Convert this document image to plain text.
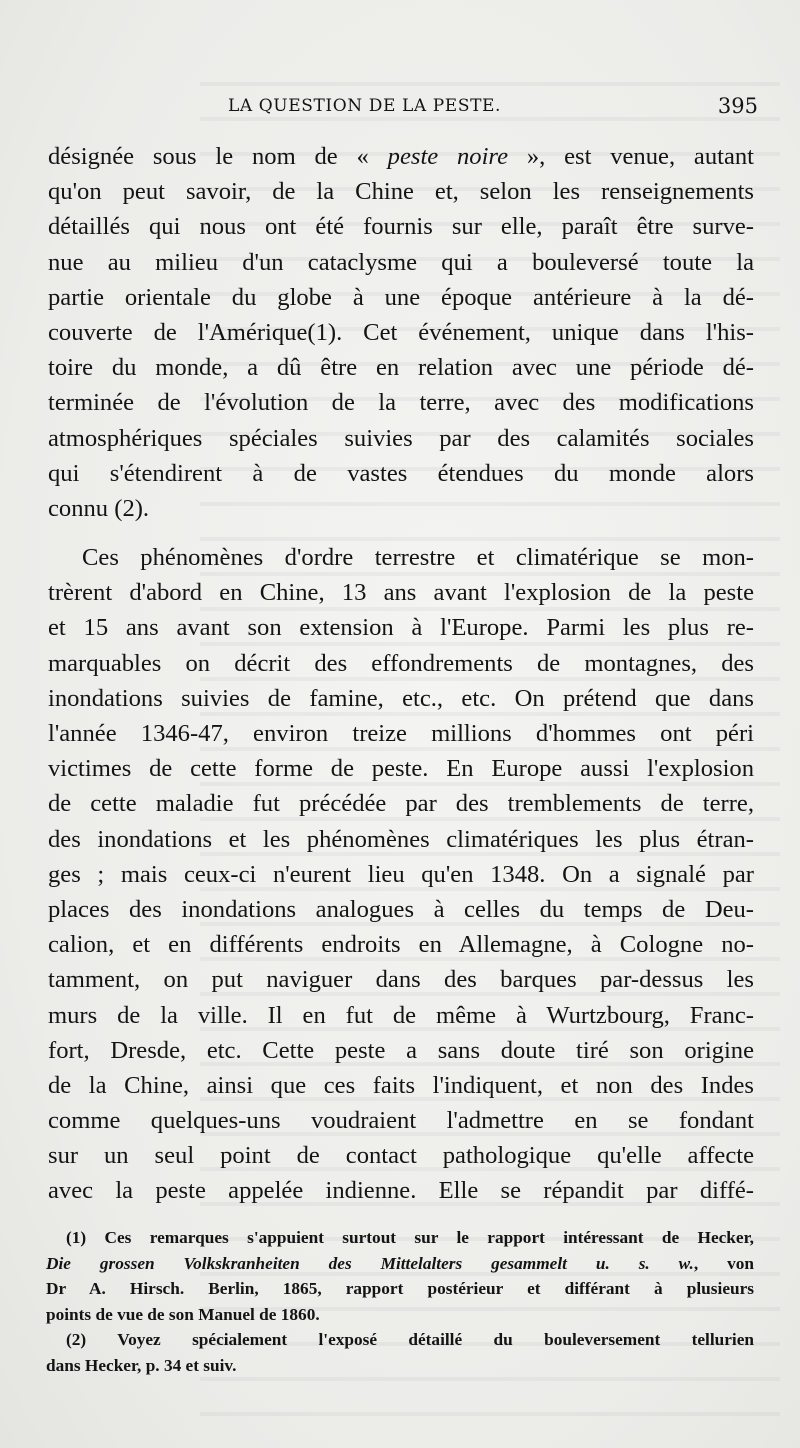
LA QUESTION DE LA PESTE.	395
désignée sous le nom de « peste noire », est venue, autant
qu'on peut savoir, de la Chine et, selon les renseignements
détaillés qui nous ont été fournis sur elle, paraît être surve-
nue au milieu d'un cataclysme qui a bouleversé toute la
partie orientale du globe à une époque antérieure à la dé-
couverte de l'Amérique(1). Cet événement, unique dans l'his-
toire du monde, a dû être en relation avec une période dé-
terminée de l'évolution de la terre, avec des modifications
atmosphériques spéciales suivies par des calamités sociales
qui s'étendirent à de vastes étendues du monde alors
connu (2).
Ces phénomènes d'ordre terrestre et climatérique se mon-
trèrent d'abord en Chine, 13 ans avant l'explosion de la peste
et 15 ans avant son extension à l'Europe. Parmi les plus re-
marquables on décrit des effondrements de montagnes, des
inondations suivies de famine, etc., etc. On prétend que dans
l'année 1346-47, environ treize millions d'hommes ont péri
victimes de cette forme de peste. En Europe aussi l'explosion
de cette maladie fut précédée par des tremblements de terre,
des inondations et les phénomènes climatériques les plus étran-
ges ; mais ceux-ci n'eurent lieu qu'en 1348. On a signalé par
places des inondations analogues à celles du temps de Deu-
calion, et en différents endroits en Allemagne, à Cologne no-
tamment, on put naviguer dans des barques par-dessus les
murs de la ville. Il en fut de même à Wurtzbourg, Franc-
fort, Dresde, etc. Cette peste a sans doute tiré son origine
de la Chine, ainsi que ces faits l'indiquent, et non des Indes
comme quelques-uns voudraient l'admettre en se fondant
sur un seul point de contact pathologique qu'elle affecte
avec la peste appelée indienne. Elle se répandit par diffé-
(1) Ces remarques s'appuient surtout sur le rapport intéressant de Hecker,
Die grossen Volkskranheiten des Mittelalters gesammelt u. s. w., von
Dr A. Hirsch. Berlin, 1865, rapport postérieur et différant à plusieurs
points de vue de son Manuel de 1860.
(2) Voyez spécialement l'exposé détaillé du bouleversement tellurien
dans Hecker, p. 34 et suiv.
